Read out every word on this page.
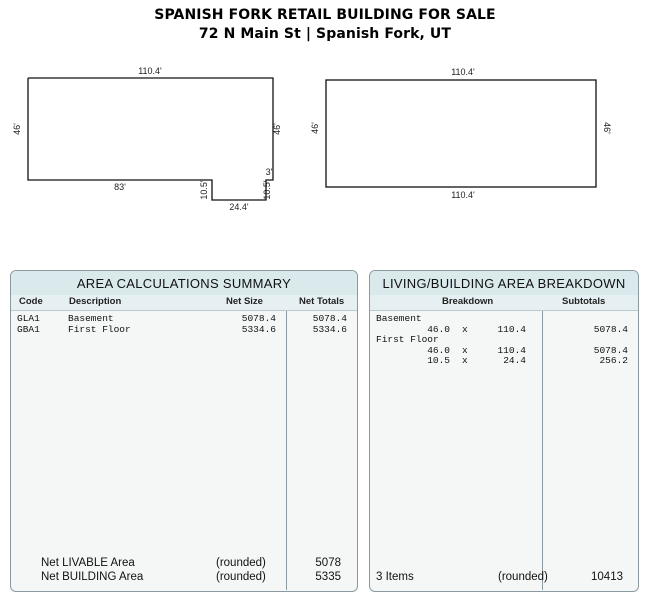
SPANISH FORK RETAIL BUILDING FOR SALE
72 N Main St | Spanish Fork, UT
110.4'
46'	46'
83'	10.5'
3'
10.5'
24.4'
110.4'
46'	46'
110.4'
AREA CALCULATIONS SUMMARY
Code	Description	Net Size	Net Totals
GLA1	Basement	5078.4	5078.4
GBA1	First Floor	5334.6	5334.6
Net LIVABLE Area	(rounded)	5078
Net BUILDING Area	(rounded)	5335
LIVING/BUILDING AREA BREAKDOWN
Breakdown	Subtotals
Basement
46.0 x	110.4	5078.4
First Floor
46.0 x	110.4	5078.4
10.5 x	24.4	256.2
3 Items	(rounded)	10413
